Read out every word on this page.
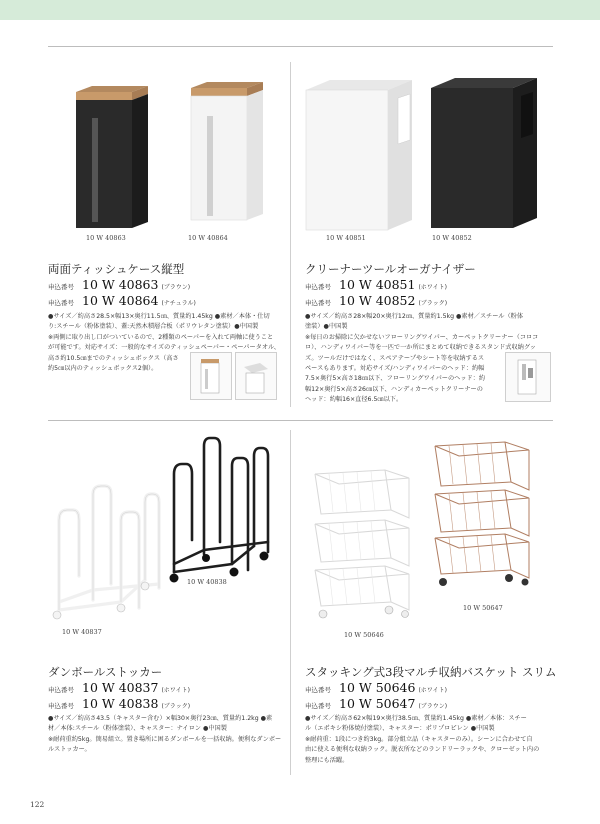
10 W 40863	10 W 40864
両面ティッシュケース縦型
申込番号 10 W 40863 (ブラウン)
申込番号 10 W 40864 (ナチュラル)
●サイズ／約高さ28.5×幅13×奥行11.5㎝、質量約1.45kg ●素材／本体・仕切
り:スチール（粉体塗装）、蓋:天然木積層合板（ポリウレタン塗装）●中国製
※両側に取り出し口がついているので、2種類のペーパーを入れて両軸に使うこと
が可能です。対応サイズ：一般的なサイズのティッシュペーパー・ペーパータオル、
高さ約10.5㎝までのティッシュボックス（高さ
約5㎝以内のティッシュボックス2個）。
10 W 40851	10 W 40852
クリーナーツールオーガナイザー
申込番号 10 W 40851 (ホワイト)
申込番号 10 W 40852 (ブラック)
●サイズ／約高さ28×幅20×奥行12㎝、質量約1.5kg ●素材／スチール（粉体
塗装）●中国製
※毎日のお掃除に欠かせないフローリングワイパー、カーペットクリーナー（コロコ
ロ）、ハンディワイパー等を一匹で一か所にまとめて収納できるスタンド式収納グッ
ズ。ツールだけではなく、スペアテープやシート等を収納するス
ペースもあります。対応サイズ/ハンディワイパーのヘッド：約幅
7.5×奥行5×高さ18㎝以下、フローリングワイパーのヘッド：約
幅12×奥行5×高さ26㎝以下、ハンディカーペットクリーナーの
ヘッド：約幅16×直径6.5㎝以下。
10 W 40838
10 W 40837
ダンボールストッカー
申込番号 10 W 40837 (ホワイト)
申込番号 10 W 40838 (ブラック)
●サイズ／約高さ43.5（キャスター含む）×幅30×奥行23㎝、質量約1.2kg ●素
材／本体:スチール（粉体塗装）、キャスター：ナイロン ●中国製
※耐荷重約5kg。簡易組立。置き場所に困るダンボールを一括収納。便利なダンボー
ルストッカー。
10 W 50647
10 W 50646
スタッキング式3段マルチ収納バスケット スリム
申込番号 10 W 50646 (ホワイト)
申込番号 10 W 50647 (ブラウン)
●サイズ／約高さ62×幅19×奥行38.5㎝、質量約1.45kg ●素材／本体：スチー
ル（エポキシ粉体焼付塗装）、キャスター：ポリプロピレン ●中国製
※耐荷重：1段につき約3kg。部分組立品（キャスターのみ）。シーンに合わせて自
由に使える便利な収納ラック。脱衣所などのランドリーラックや、クローゼット内の
整理にも活躍。
122
